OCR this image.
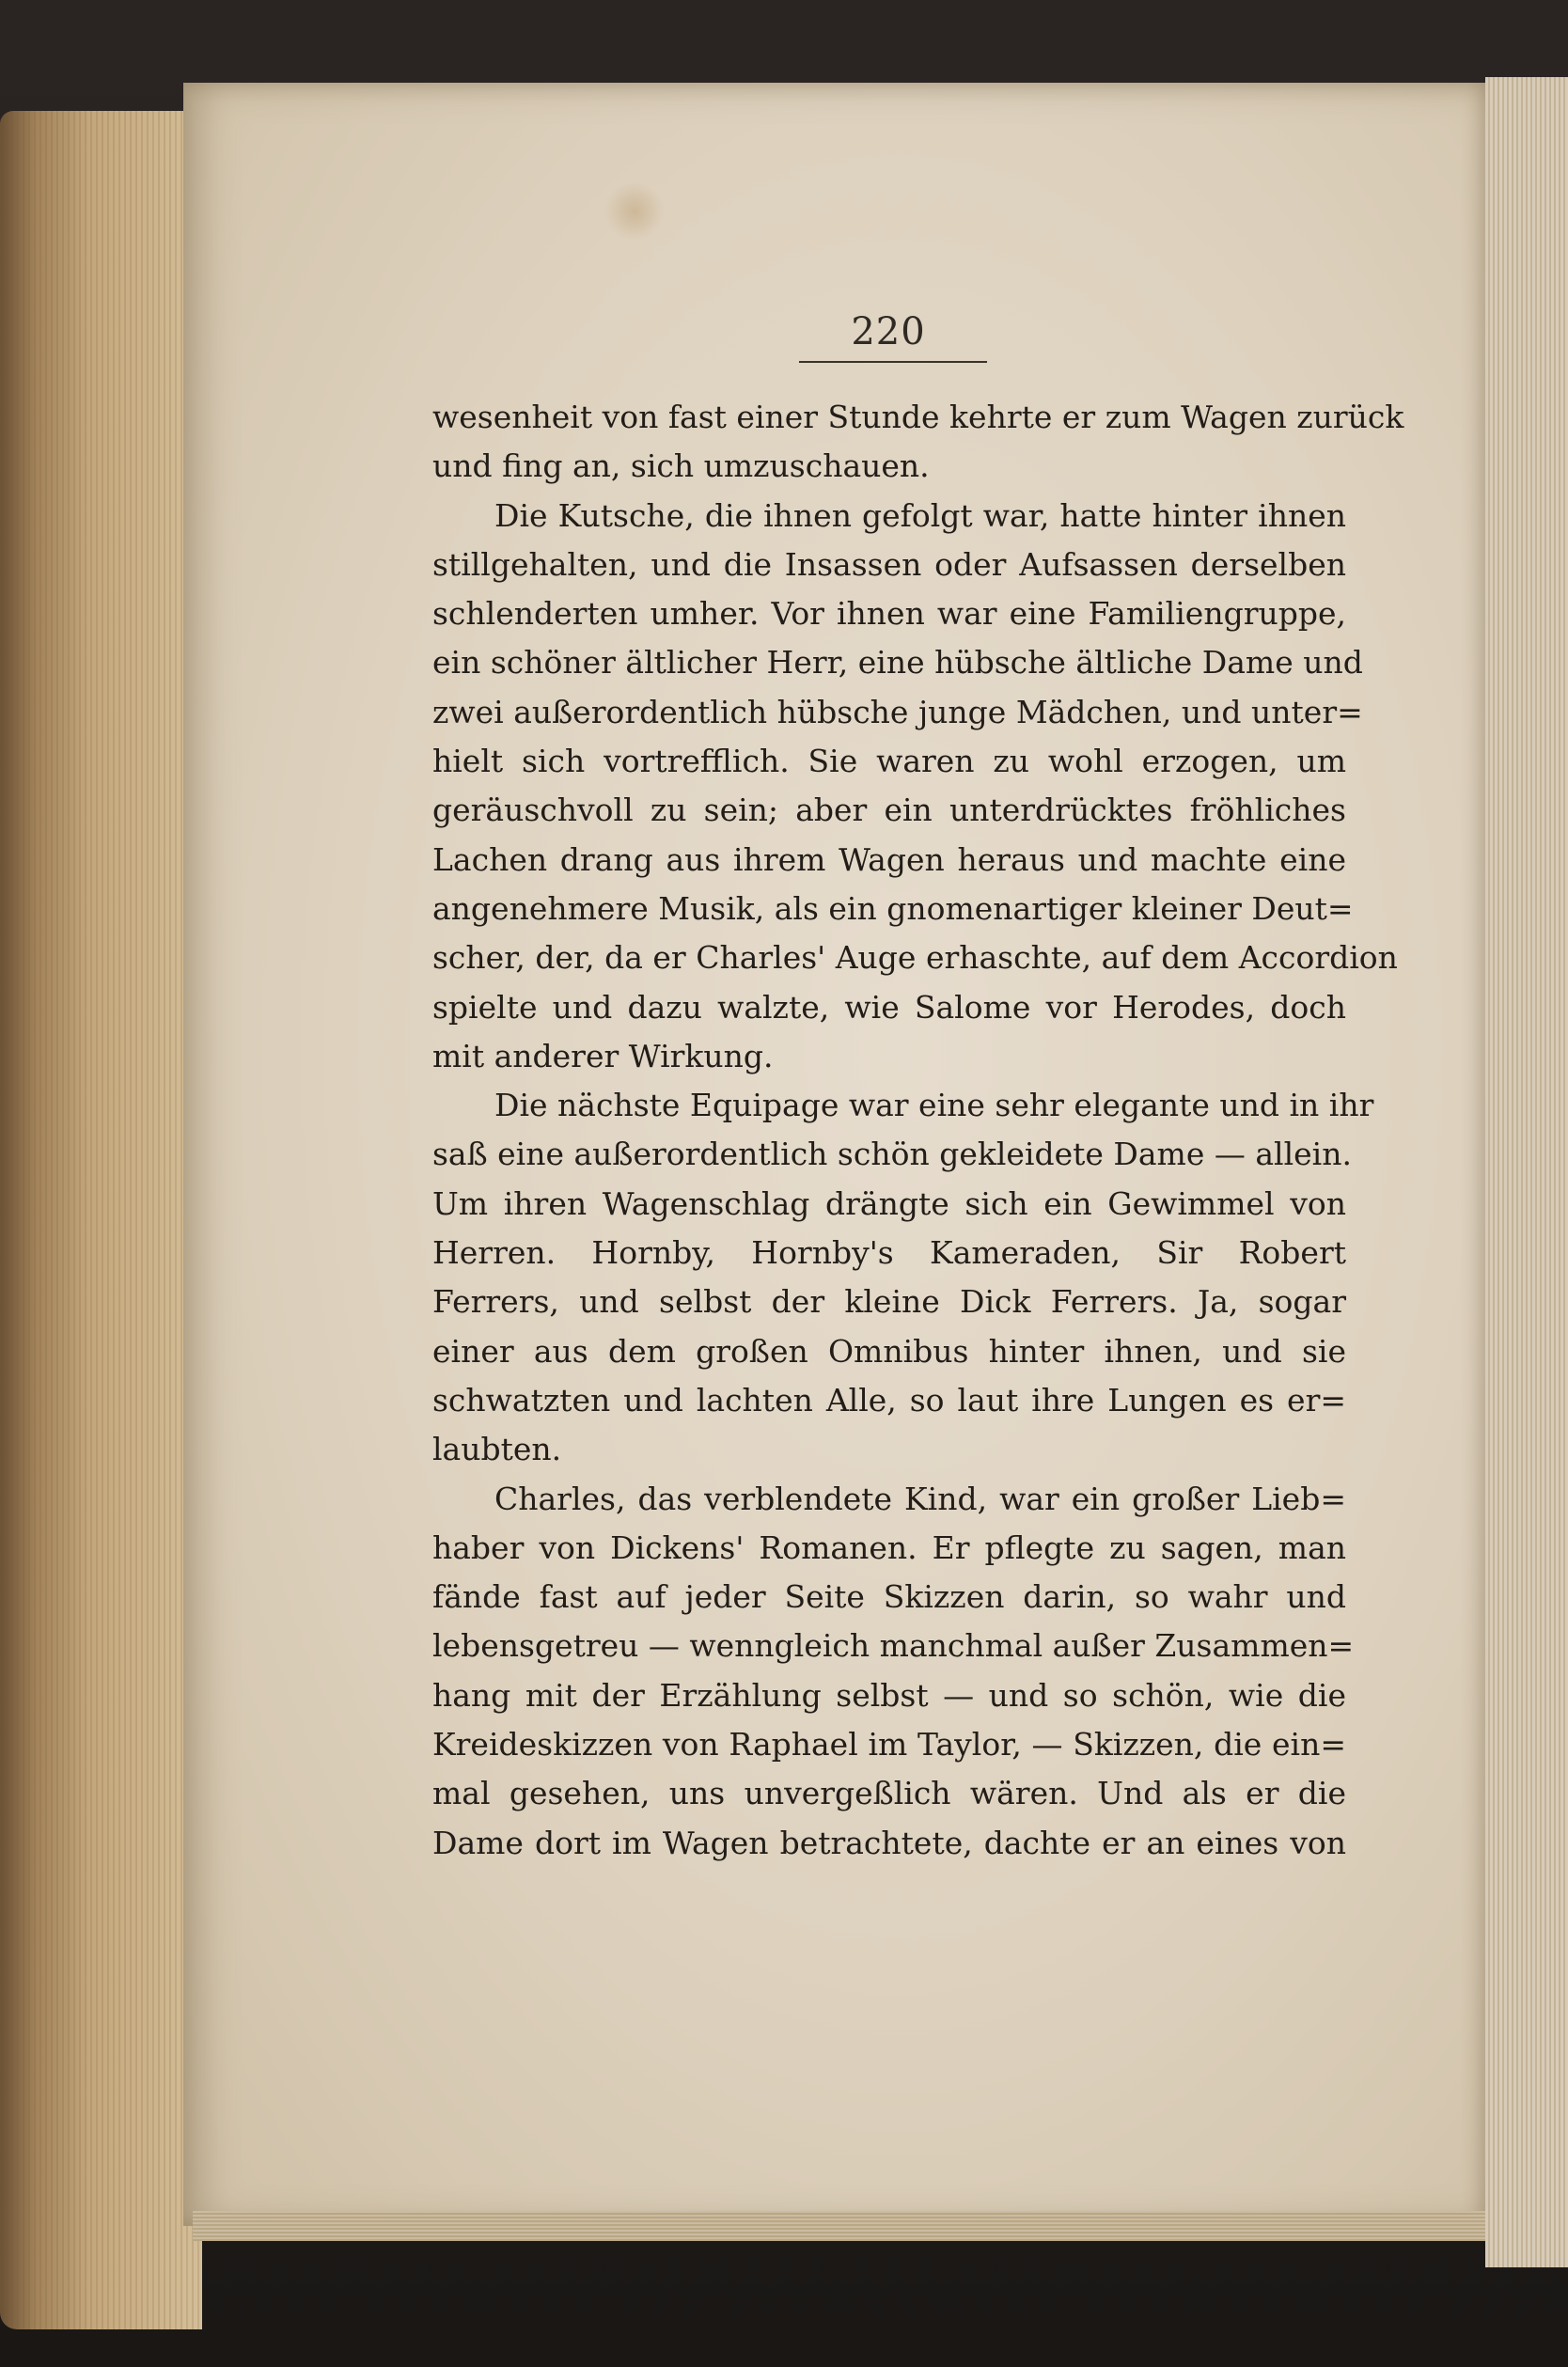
220
wesenheit von fast einer Stunde kehrte er zum Wagen zurück
und fing an, sich umzuschauen.
Die Kutsche, die ihnen gefolgt war, hatte hinter ihnen
stillgehalten, und die Insassen oder Aufsassen derselben
schlenderten umher. Vor ihnen war eine Familiengruppe,
ein schöner ältlicher Herr, eine hübsche ältliche Dame und
zwei außerordentlich hübsche junge Mädchen, und unter=
hielt sich vortrefflich. Sie waren zu wohl erzogen, um
geräuschvoll zu sein; aber ein unterdrücktes fröhliches
Lachen drang aus ihrem Wagen heraus und machte eine
angenehmere Musik, als ein gnomenartiger kleiner Deut=
scher, der, da er Charles' Auge erhaschte, auf dem Accordion
spielte und dazu walzte, wie Salome vor Herodes, doch
mit anderer Wirkung.
Die nächste Equipage war eine sehr elegante und in ihr
saß eine außerordentlich schön gekleidete Dame — allein.
Um ihren Wagenschlag drängte sich ein Gewimmel von
Herren. Hornby, Hornby's Kameraden, Sir Robert
Ferrers, und selbst der kleine Dick Ferrers. Ja, sogar
einer aus dem großen Omnibus hinter ihnen, und sie
schwatzten und lachten Alle, so laut ihre Lungen es er=
laubten.
Charles, das verblendete Kind, war ein großer Lieb=
haber von Dickens' Romanen. Er pflegte zu sagen, man
fände fast auf jeder Seite Skizzen darin, so wahr und
lebensgetreu — wenngleich manchmal außer Zusammen=
hang mit der Erzählung selbst — und so schön, wie die
Kreideskizzen von Raphael im Taylor, — Skizzen, die ein=
mal gesehen, uns unvergeßlich wären. Und als er die
Dame dort im Wagen betrachtete, dachte er an eines von
